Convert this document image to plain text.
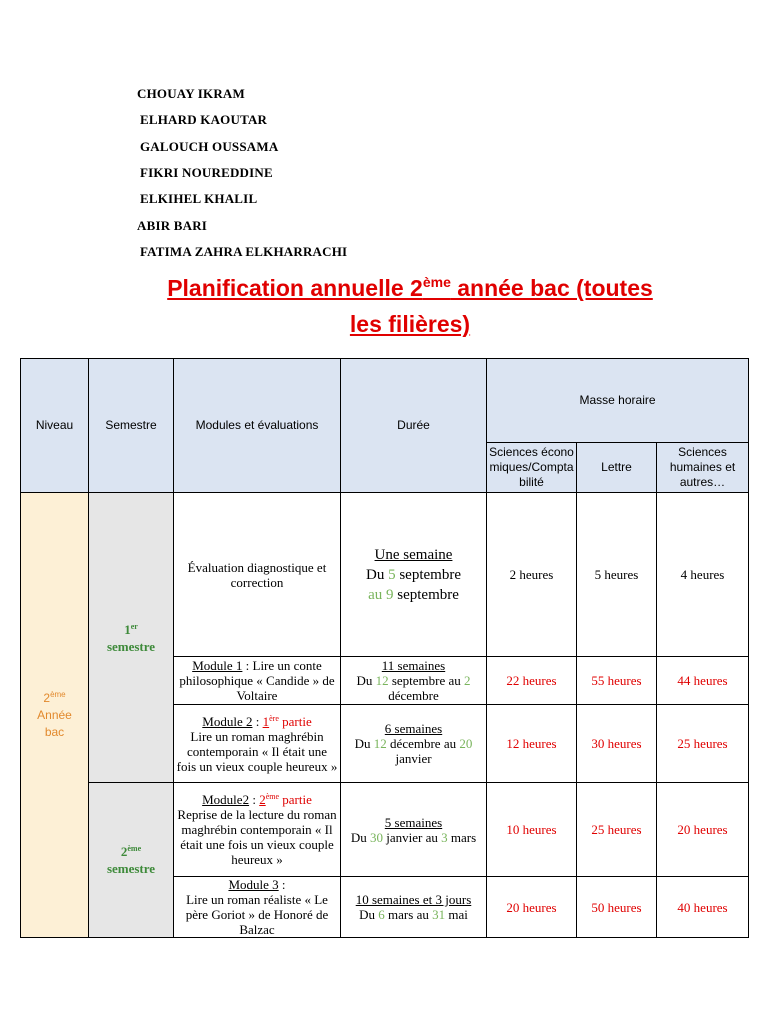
CHOUAY IKRAM
ELHARD KAOUTAR
GALOUCH OUSSAMA
FIKRI NOUREDDINE
ELKIHEL KHALIL
ABIR BARI
FATIMA ZAHRA ELKHARRACHI
Planification annuelle 2ème année bac (toutes
les filières)
Niveau	Semestre	Modules et évaluations	Durée	Masse horaire		
				Sciences économiques/Comptabilité	Lettre	Sciences humaines et autres…
2ème
Année
bac	1er
semestre	Évaluation diagnostique et correction	Une semaine
Du 5 septembre
au 9 septembre	2 heures	5 heures	4 heures
		Module 1 : Lire un conte philosophique « Candide » de Voltaire	11 semaines
Du 12 septembre au 2 décembre	22 heures	55 heures	44 heures
		Module 2 : 1ère partie
Lire un roman maghrébin contemporain « Il était une fois un vieux couple heureux »	6 semaines
Du 12 décembre au 20 janvier	12 heures	30 heures	25 heures
	2ème
semestre	Module2 : 2ème partie
Reprise de la lecture du roman maghrébin contemporain « Il était une fois un vieux couple heureux »	5 semaines
Du 30 janvier au 3 mars	10 heures	25 heures	20 heures
		Module 3 :
Lire un roman réaliste « Le père Goriot » de Honoré de Balzac	10 semaines et 3 jours
Du 6 mars au 31 mai	20 heures	50 heures	40 heures
